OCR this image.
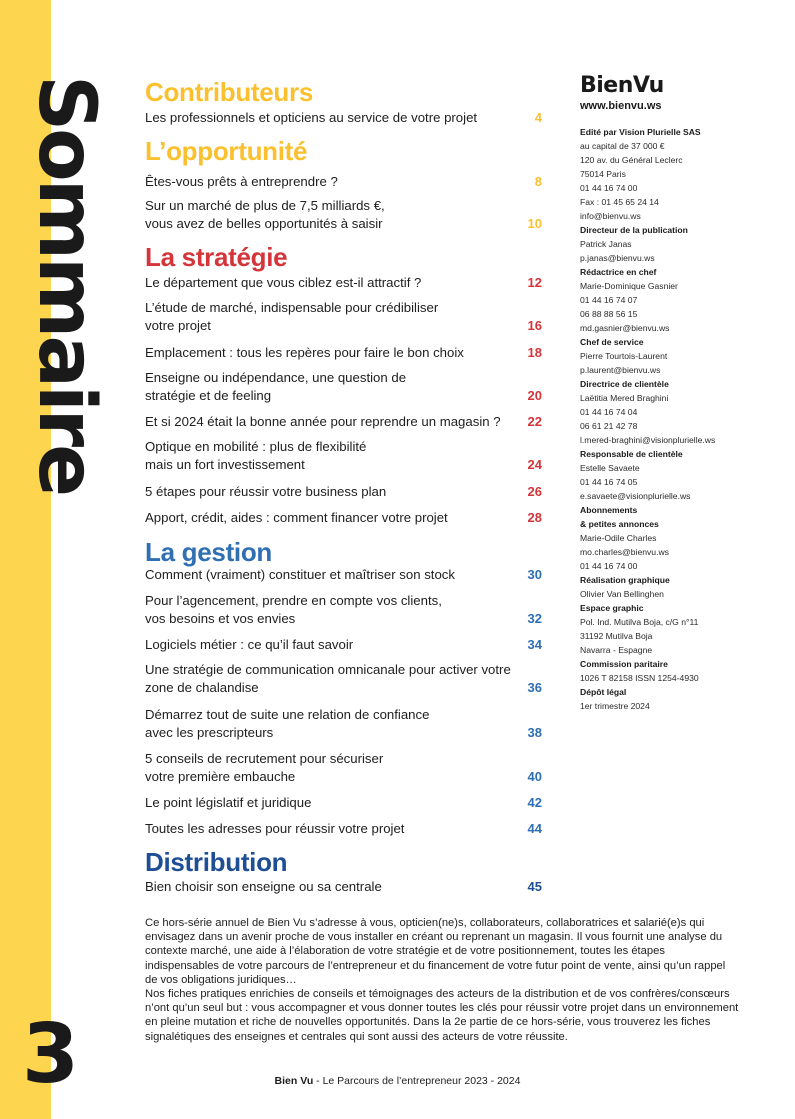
Sommaire
3
Contributeurs
Les professionnels et opticiens au service de votre projet	4
L’opportunité
Êtes-vous prêts à entreprendre ?	8
Sur un marché de plus de 7,5 milliards €, vous avez de belles opportunités à saisir	10
La stratégie
Le département que vous ciblez est-il attractif ?	12
L’étude de marché, indispensable pour crédibiliser votre projet	16
Emplacement : tous les repères pour faire le bon choix	18
Enseigne ou indépendance, une question de stratégie et de feeling	20
Et si 2024 était la bonne année pour reprendre un magasin ?	22
Optique en mobilité : plus de flexibilité mais un fort investissement	24
5 étapes pour réussir votre business plan	26
Apport, crédit, aides : comment financer votre projet	28
La gestion
Comment (vraiment) constituer et maîtriser son stock	30
Pour l’agencement, prendre en compte vos clients, vos besoins et vos envies	32
Logiciels métier : ce qu’il faut savoir	34
Une stratégie de communication omnicanale pour activer votre zone de chalandise	36
Démarrez tout de suite une relation de confiance avec les prescripteurs	38
5 conseils de recrutement pour sécuriser votre première embauche	40
Le point législatif et juridique	42
Toutes les adresses pour réussir votre projet	44
Distribution
Bien choisir son enseigne ou sa centrale	45
BienVu
www.bienvu.ws
Edité par Vision Plurielle SAS
au capital de 37 000 €
120 av. du Général Leclerc
75014 Paris
01 44 16 74 00
Fax : 01 45 65 24 14
info@bienvu.ws
Directeur de la publication
Patrick Janas
p.janas@bienvu.ws
Rédactrice en chef
Marie-Dominique Gasnier
01 44 16 74 07
06 88 88 56 15
md.gasnier@bienvu.ws
Chef de service
Pierre Tourtois-Laurent
p.laurent@bienvu.ws
Directrice de clientèle
Laëtitia Mered Braghini
01 44 16 74 04
06 61 21 42 78
l.mered-braghini@visionplurielle.ws
Responsable de clientèle
Estelle Savaete
01 44 16 74 05
e.savaete@visionplurielle.ws
Abonnements
& petites annonces
Marie-Odile Charles
mo.charles@bienvu.ws
01 44 16 74 00
Réalisation graphique
Olivier Van Bellinghen
Espace graphic
Pol. Ind. Mutilva Boja, c/G n°11
31192 Mutilva Boja
Navarra - Espagne
Commission paritaire
1026 T 82158 ISSN 1254-4930
Dépôt légal
1er trimestre 2024

Ce hors-série annuel de Bien Vu s’adresse à vous, opticien(ne)s, collaborateurs, collaboratrices et salarié(e)s qui envisagez dans un avenir proche de vous installer en créant ou reprenant un magasin. Il vous fournit une analyse du contexte marché, une aide à l’élaboration de votre stratégie et de votre positionnement, toutes les étapes indispensables de votre parcours de l’entrepreneur et du financement de votre futur point de vente, ainsi qu’un rappel de vos obligations juridiques…

Nos fiches pratiques enrichies de conseils et témoignages des acteurs de la distribution et de vos confrères/consœurs n’ont qu’un seul but : vous accompagner et vous donner toutes les clés pour réussir votre projet dans un environnement en pleine mutation et riche de nouvelles opportunités. Dans la 2e partie de ce hors-série, vous trouverez les fiches signalétiques des enseignes et centrales qui sont aussi des acteurs de votre réussite.

Bien Vu - Le Parcours de l’entrepreneur 2023 - 2024
